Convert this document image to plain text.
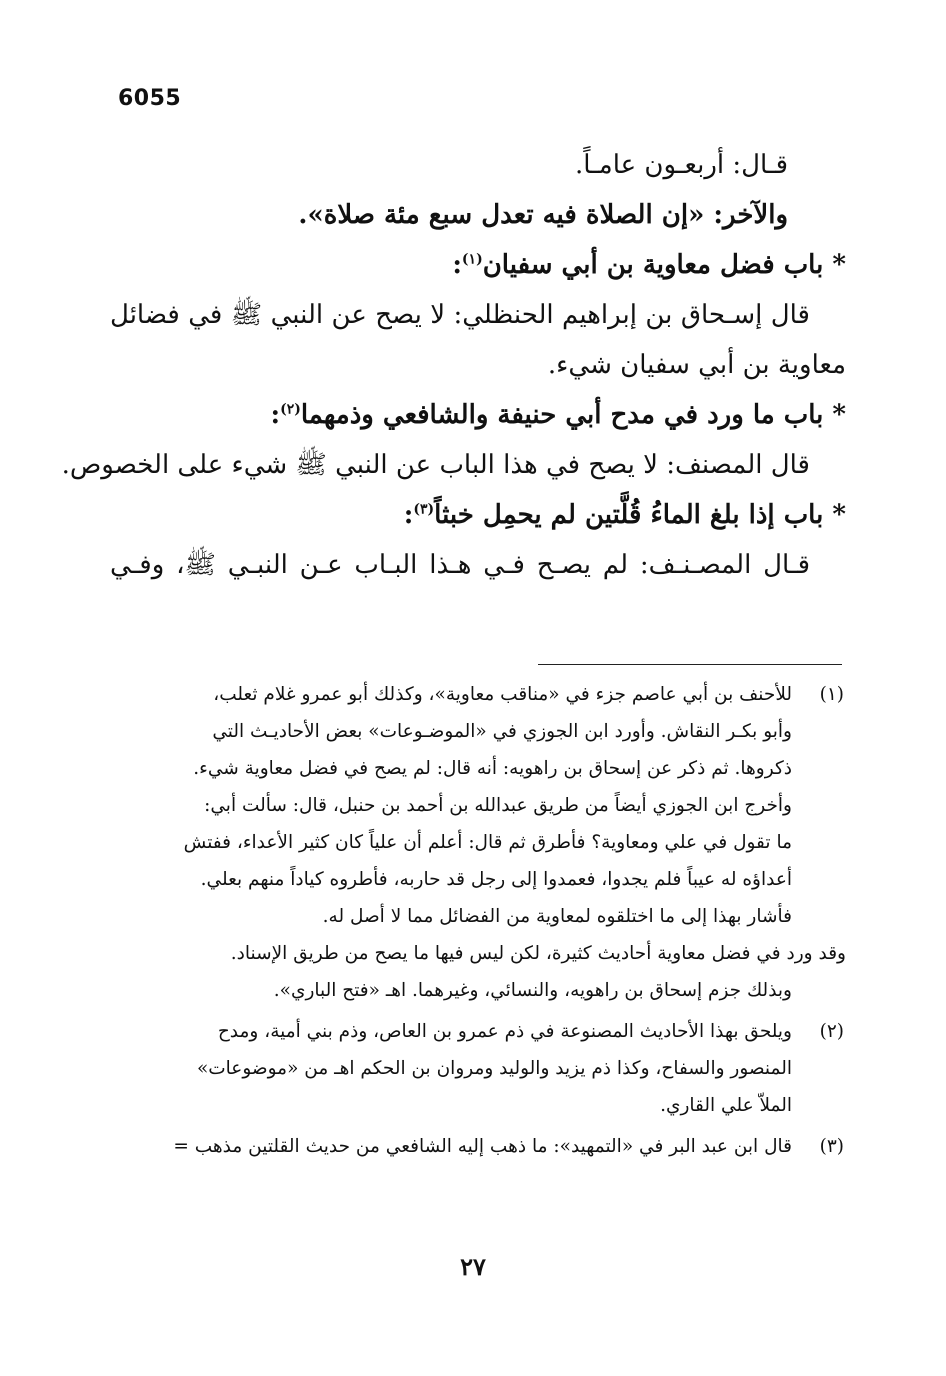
6055
قـال: أربعـون عامـاً.
والآخر: «إن الصلاة فيه تعدل سبع مئة صلاة».
* باب فضل معاوية بن أبي سفيان$^{(١)}$:
قال إسـحاق بن إبراهيم الحنظلي: لا يصح عن النبي ﷺ في فضائل
معاوية بن أبي سفيان شيء.
* باب ما ورد في مدح أبي حنيفة والشافعي وذمهما$^{(٢)}$:
قال المصنف: لا يصح في هذا الباب عن النبي ﷺ شيء على الخصوص.
* باب إذا بلغ الماءُ قُلَّتين لم يحمِل خبثاً$^{(٣)}$:
قـال المصـنـف: لم يصـح فـي هـذا البـاب عـن النبـي ﷺ، وفـي
(١)
للأحنف بن أبي عاصم جزء في «مناقب معاوية»، وكذلك أبو عمرو غلام ثعلب،
وأبو بكـر النقاش. وأورد ابن الجوزي في «الموضـوعات» بعض الأحاديـث التي
ذكروها. ثم ذكر عن إسحاق بن راهويه: أنه قال: لم يصح في فضل معاوية شيء.
وأخرج ابن الجوزي أيضاً من طريق عبدالله بن أحمد بن حنبل، قال: سألت أبي:
ما تقول في علي ومعاوية؟ فأطرق ثم قال: أعلم أن علياً كان كثير الأعداء، ففتش
أعداؤه له عيباً فلم يجدوا، فعمدوا إلى رجل قد حاربه، فأطروه كياداً منهم بعلي.
فأشار بهذا إلى ما اختلقوه لمعاوية من الفضائل مما لا أصل له.
وقد ورد في فضل معاوية أحاديث كثيرة، لكن ليس فيها ما يصح من طريق الإسناد.
وبذلك جزم إسحاق بن راهويه، والنسائي، وغيرهما. اهـ «فتح الباري».
(٢)
ويلحق بهذا الأحاديث المصنوعة في ذم عمرو بن العاص، وذم بني أمية، ومدح
المنصور والسفاح، وكذا ذم يزيد والوليد ومروان بن الحكم اهـ من «موضوعات»
الملاّ علي القاري.
(٣)
قال ابن عبد البر في «التمهيد»: ما ذهب إليه الشافعي من حديث القلتين مذهب =
٢٧
